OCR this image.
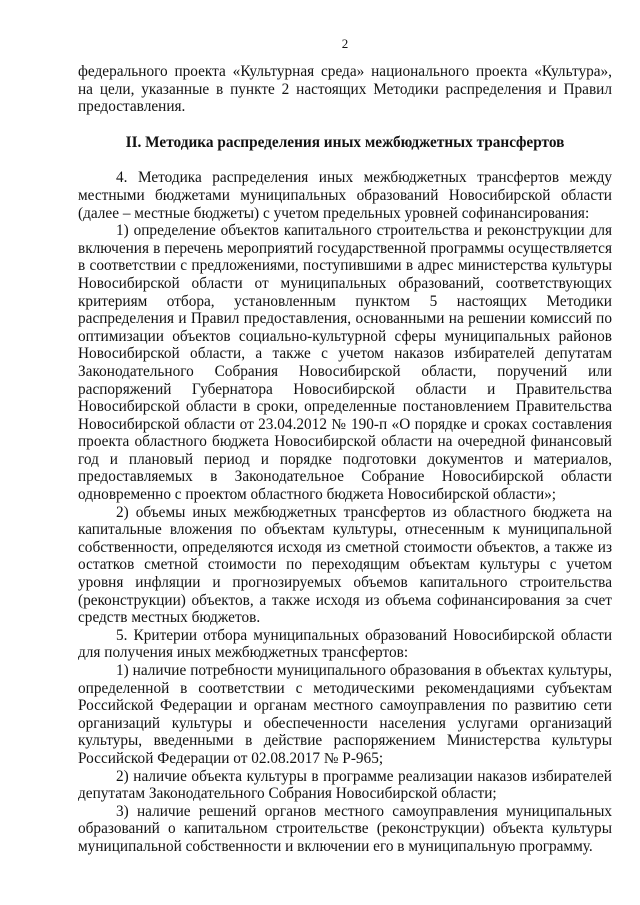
2

федерального проекта «Культурная среда» национального проекта «Культура», на цели, указанные в пункте 2 настоящих Методики распределения и Правил предоставления.

II. Методика распределения иных межбюджетных трансфертов

4. Методика распределения иных межбюджетных трансфертов между местными бюджетами муниципальных образований Новосибирской области (далее – местные бюджеты) с учетом предельных уровней софинансирования:

1) определение объектов капитального строительства и реконструкции для включения в перечень мероприятий государственной программы осуществляется в соответствии с предложениями, поступившими в адрес министерства культуры Новосибирской области от муниципальных образований, соответствующих критериям отбора, установленным пунктом 5 настоящих Методики распределения и Правил предоставления, основанными на решении комиссий по оптимизации объектов социально-культурной сферы муниципальных районов Новосибирской области, а также с учетом наказов избирателей депутатам Законодательного Собрания Новосибирской области, поручений или распоряжений Губернатора Новосибирской области и Правительства Новосибирской области в сроки, определенные постановлением Правительства Новосибирской области от 23.04.2012 № 190-п «О порядке и сроках составления проекта областного бюджета Новосибирской области на очередной финансовый год и плановый период и порядке подготовки документов и материалов, предоставляемых в Законодательное Собрание Новосибирской области одновременно с проектом областного бюджета Новосибирской области»;

2) объемы иных межбюджетных трансфертов из областного бюджета на капитальные вложения по объектам культуры, отнесенным к муниципальной собственности, определяются исходя из сметной стоимости объектов, а также из остатков сметной стоимости по переходящим объектам культуры с учетом уровня инфляции и прогнозируемых объемов капитального строительства (реконструкции) объектов, а также исходя из объема софинансирования за счет средств местных бюджетов.

5. Критерии отбора муниципальных образований Новосибирской области для получения иных межбюджетных трансфертов:

1) наличие потребности муниципального образования в объектах культуры, определенной в соответствии с методическими рекомендациями субъектам Российской Федерации и органам местного самоуправления по развитию сети организаций культуры и обеспеченности населения услугами организаций культуры, введенными в действие распоряжением Министерства культуры Российской Федерации от 02.08.2017 № Р-965;

2) наличие объекта культуры в программе реализации наказов избирателей депутатам Законодательного Собрания Новосибирской области;

3) наличие решений органов местного самоуправления муниципальных образований о капитальном строительстве (реконструкции) объекта культуры муниципальной собственности и включении его в муниципальную программу.
